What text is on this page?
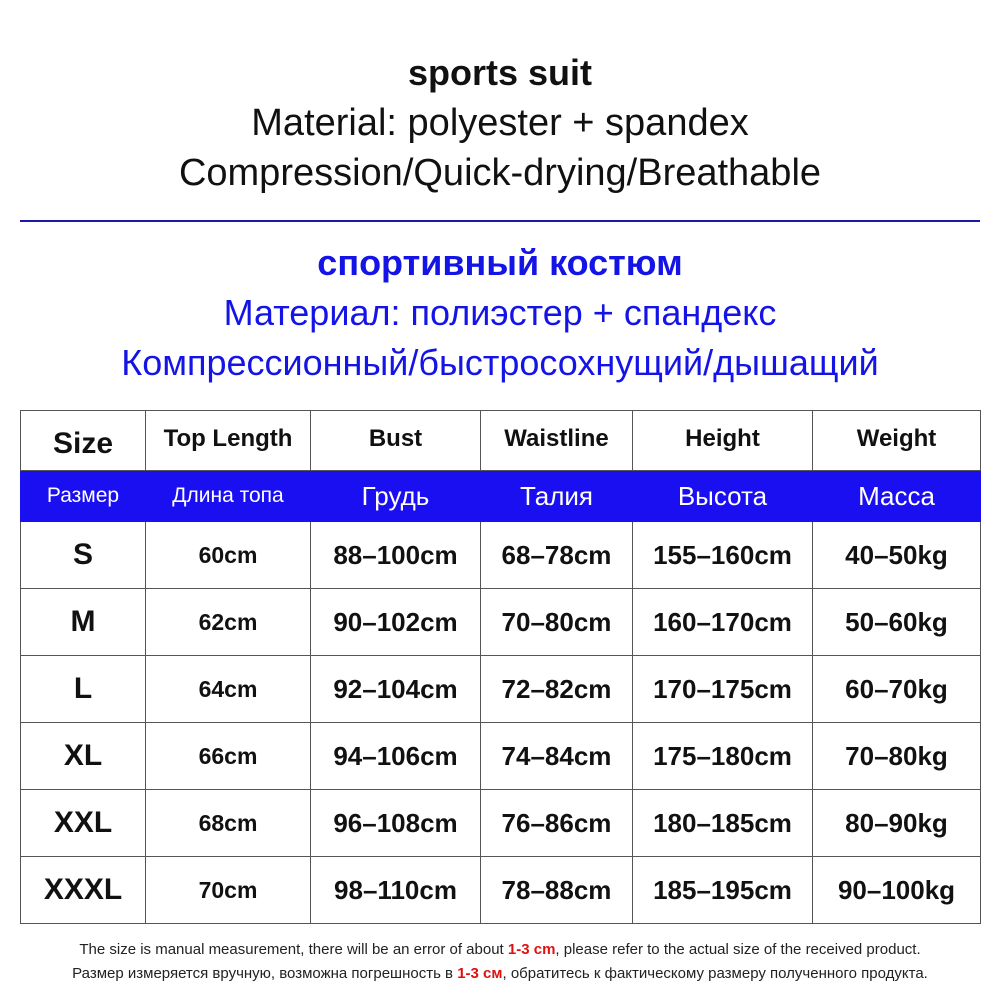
sports suit
Material: polyester + spandex
Compression/Quick-drying/Breathable
спортивный костюм
Материал: полиэстер + спандекс
Компрессионный/быстросохнущий/дышащий
Size	Top Length	Bust	Waistline	Height	Weight
Размер	Длина топа	Грудь	Талия	Высота	Масса
S	60cm	88–100cm	68–78cm	155–160cm	40–50kg
M	62cm	90–102cm	70–80cm	160–170cm	50–60kg
L	64cm	92–104cm	72–82cm	170–175cm	60–70kg
XL	66cm	94–106cm	74–84cm	175–180cm	70–80kg
XXL	68cm	96–108cm	76–86cm	180–185cm	80–90kg
XXXL	70cm	98–110cm	78–88cm	185–195cm	90–100kg
The size is manual measurement, there will be an error of about 1-3 cm, please refer to the actual size of the received product.
Размер измеряется вручную, возможна погрешность в 1-3 см, обратитесь к фактическому размеру полученного продукта.
